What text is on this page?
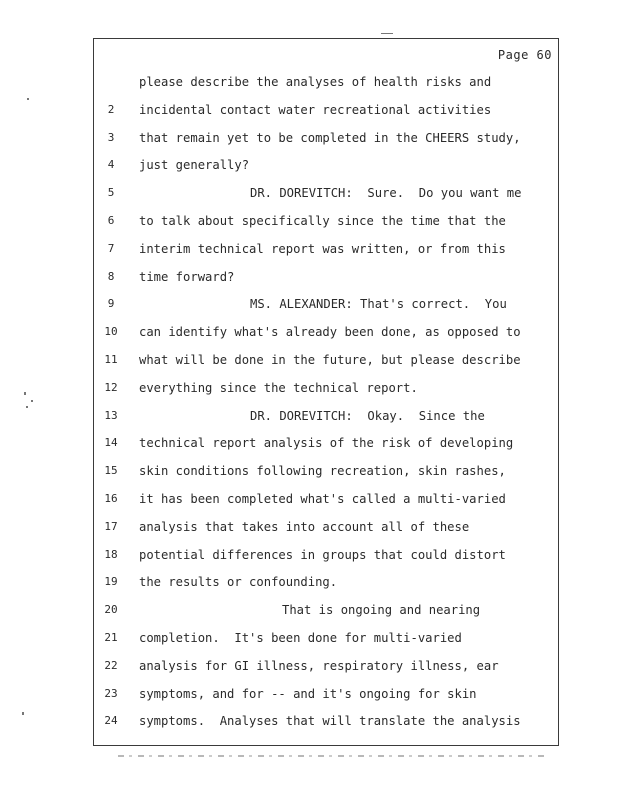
Page 60
please describe the analyses of health risks and
2	incidental contact water recreational activities
3	that remain yet to be completed in the CHEERS study,
4	just generally?
5	DR. DOREVITCH:  Sure.  Do you want me
6	to talk about specifically since the time that the
7	interim technical report was written, or from this
8	time forward?
9	MS. ALEXANDER: That's correct.  You
10	can identify what's already been done, as opposed to
11	what will be done in the future, but please describe
12	everything since the technical report.
13	DR. DOREVITCH:  Okay.  Since the
14	technical report analysis of the risk of developing
15	skin conditions following recreation, skin rashes,
16	it has been completed what's called a multi-varied
17	analysis that takes into account all of these
18	potential differences in groups that could distort
19	the results or confounding.
20	That is ongoing and nearing
21	completion.  It's been done for multi-varied
22	analysis for GI illness, respiratory illness, ear
23	symptoms, and for -- and it's ongoing for skin
24	symptoms.  Analyses that will translate the analysis
